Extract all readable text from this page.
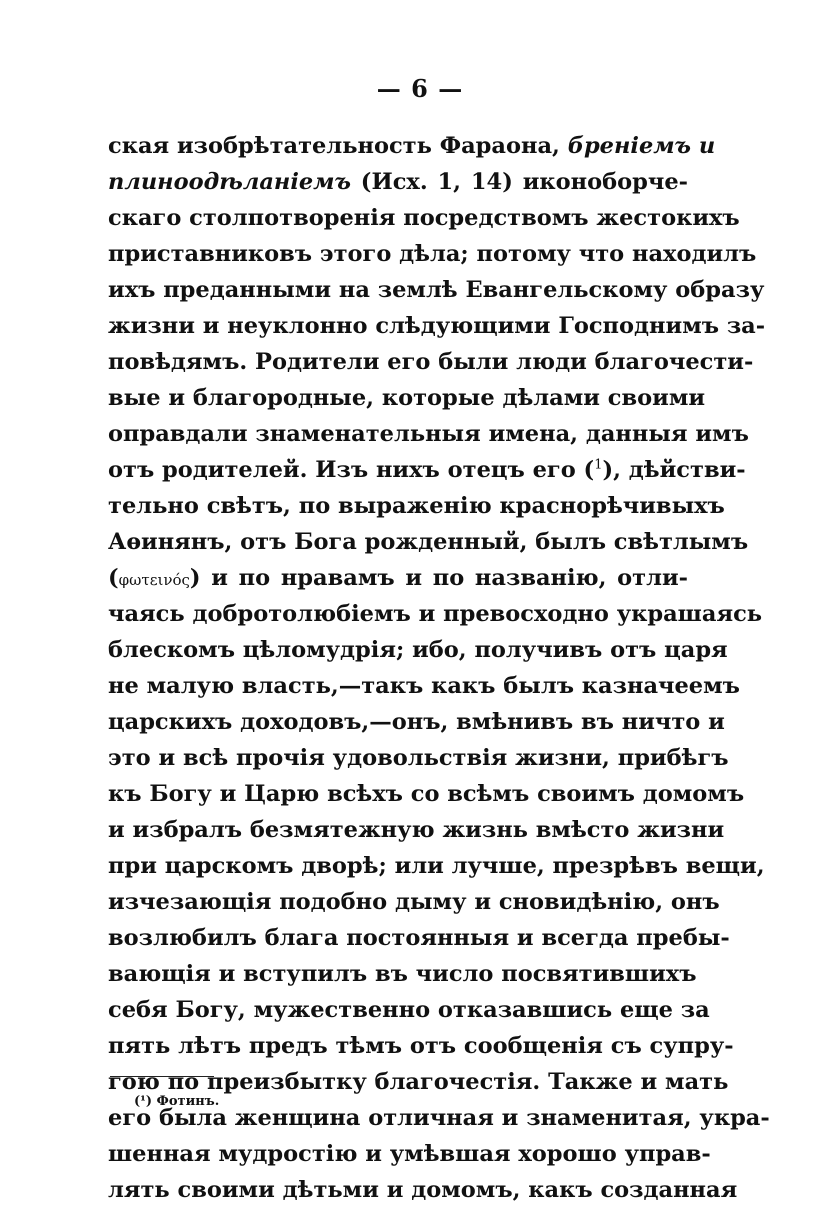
— 6 —
ская изобрѣтательность Фараона, бреніемъ и
плиноодѣланіемъ (Исх. 1, 14) иконоборче-
скаго столпотворенія посредствомъ жестокихъ
приставниковъ этого дѣла; потому что находилъ
ихъ преданными на землѣ Евангельскому образу
жизни и неуклонно слѣдующими Господнимъ за-
повѣдямъ. Родители его были люди благочести-
вые и благородные, которые дѣлами своими
оправдали знаменательныя имена, данныя имъ
отъ родителей. Изъ нихъ отецъ его ($^1$), дѣйстви-
тельно свѣтъ, по выраженію краснорѣчивыхъ
Аѳинянъ, отъ Бога рожденный, былъ свѣтлымъ
(φωτεινός) и по нравамъ и по названію, отли-
чаясь добротолюбіемъ и превосходно украшаясь
блескомъ цѣломудрія; ибо, получивъ отъ царя
не малую власть,—такъ какъ былъ казначеемъ
царскихъ доходовъ,—онъ, вмѣнивъ въ ничто и
это и всѣ прочія удовольствія жизни, прибѣгъ
къ Богу и Царю всѣхъ со всѣмъ своимъ домомъ
и избралъ безмятежную жизнь вмѣсто жизни
при царскомъ дворѣ; или лучше, презрѣвъ вещи,
изчезающія подобно дыму и сновидѣнію, онъ
возлюбилъ блага постоянныя и всегда пребы-
вающія и вступилъ въ число посвятившихъ
себя Богу, мужественно отказавшись еще за
пять лѣтъ предъ тѣмъ отъ сообщенія съ супру-
гою по преизбытку благочестія. Также и мать
его была женщина отличная и знаменитая, укра-
шенная мудростію и умѣвшая хорошо управ-
лять своими дѣтьми и домомъ, какъ созданная
(¹) Фотинъ.
